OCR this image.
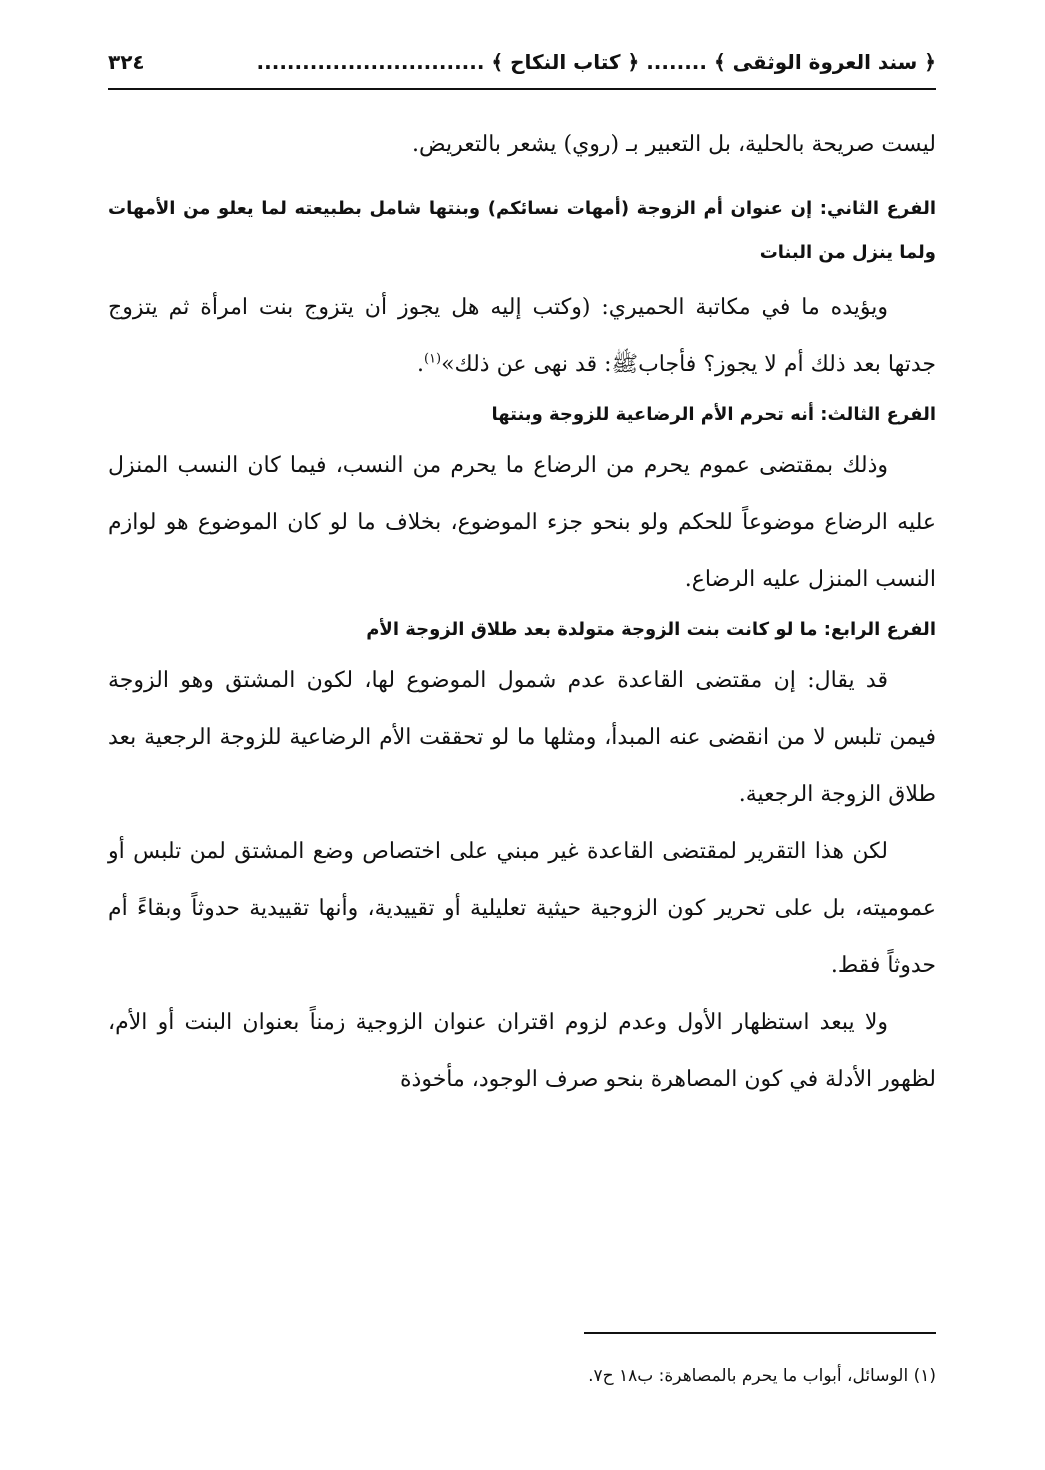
﴿ سند العروة الوثقى ﴾ ........ ﴿ كتاب النكاح ﴾ ..............................
٣٢٤

ليست صريحة بالحلية، بل التعبير بـ (روي) يشعر بالتعريض.

الفرع الثاني: إن عنوان أم الزوجة (أمهات نسائكم) وبنتها شامل بطبيعته لما يعلو من الأمهات ولما ينزل من البنات

ويؤيده ما في مكاتبة الحميري: (وكتب إليه هل يجوز أن يتزوج بنت امرأة ثم يتزوج جدتها بعد ذلك أم لا يجوز؟ فأجابﷺ: قد نهى عن ذلك»$^{(١)}$.

الفرع الثالث: أنه تحرم الأم الرضاعية للزوجة وبنتها

وذلك بمقتضى عموم يحرم من الرضاع ما يحرم من النسب، فيما كان النسب المنزل عليه الرضاع موضوعاً للحكم ولو بنحو جزء الموضوع، بخلاف ما لو كان الموضوع هو لوازم النسب المنزل عليه الرضاع.

الفرع الرابع: ما لو كانت بنت الزوجة متولدة بعد طلاق الزوجة الأم

قد يقال: إن مقتضى القاعدة عدم شمول الموضوع لها، لكون المشتق وهو الزوجة فيمن تلبس لا من انقضى عنه المبدأ، ومثلها ما لو تحققت الأم الرضاعية للزوجة الرجعية بعد طلاق الزوجة الرجعية.

لكن هذا التقرير لمقتضى القاعدة غير مبني على اختصاص وضع المشتق لمن تلبس أو عموميته، بل على تحرير كون الزوجية حيثية تعليلية أو تقييدية، وأنها تقييدية حدوثاً وبقاءً أم حدوثاً فقط.

ولا يبعد استظهار الأول وعدم لزوم اقتران عنوان الزوجية زمناً بعنوان البنت أو الأم، لظهور الأدلة في كون المصاهرة بنحو صرف الوجود، مأخوذة

(١) الوسائل، أبواب ما يحرم بالمصاهرة: ب١٨ ح٧.
